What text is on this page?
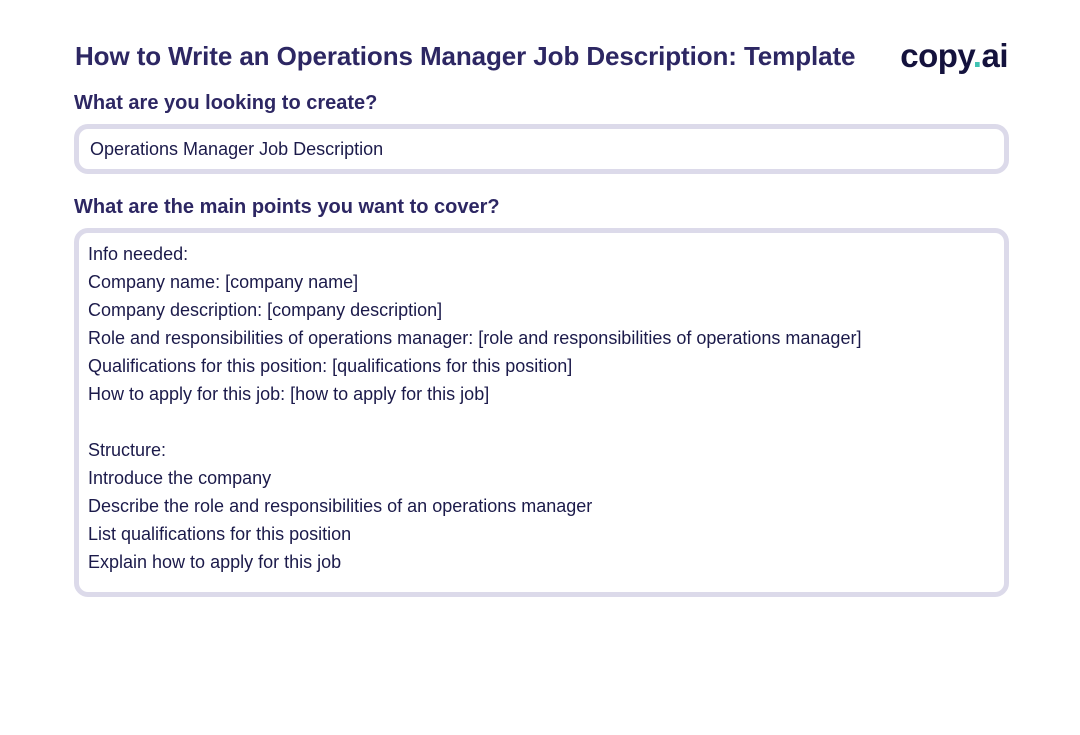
How to Write an Operations Manager Job Description: Template copy.ai
What are you looking to create?
Operations Manager Job Description
What are the main points you want to cover?
Info needed:
Company name: [company name]
Company description: [company description]
Role and responsibilities of operations manager: [role and responsibilities of operations manager]
Qualifications for this position: [qualifications for this position]
How to apply for this job: [how to apply for this job]
Structure:
Introduce the company
Describe the role and responsibilities of an operations manager
List qualifications for this position
Explain how to apply for this job
